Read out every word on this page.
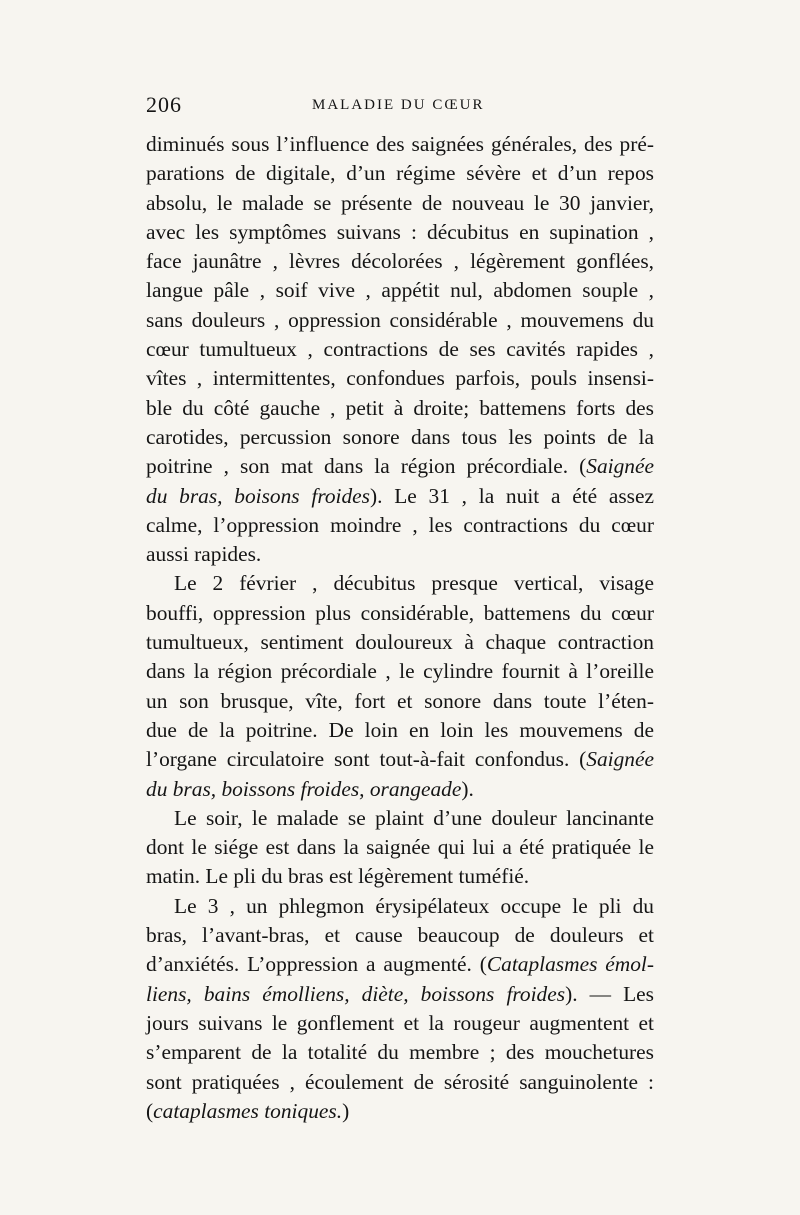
206	MALADIE DU CŒUR
diminués sous l’influence des saignées générales, des pré-
parations de digitale, d’un régime sévère et d’un repos
absolu, le malade se présente de nouveau le 30 janvier,
avec les symptômes suivans : décubitus en supination ,
face jaunâtre , lèvres décolorées , légèrement gonflées,
langue pâle , soif vive , appétit nul, abdomen souple ,
sans douleurs , oppression considérable , mouvemens du
cœur tumultueux , contractions de ses cavités rapides ,
vîtes , intermittentes, confondues parfois, pouls insensi-
ble du côté gauche , petit à droite; battemens forts des
carotides, percussion sonore dans tous les points de la
poitrine , son mat dans la région précordiale. (Saignée
du bras, boisons froides). Le 31 , la nuit a été assez
calme, l’oppression moindre , les contractions du cœur
aussi rapides.
Le 2 février , décubitus presque vertical, visage
bouffi, oppression plus considérable, battemens du cœur
tumultueux, sentiment douloureux à chaque contraction
dans la région précordiale , le cylindre fournit à l’oreille
un son brusque, vîte, fort et sonore dans toute l’éten-
due de la poitrine. De loin en loin les mouvemens de
l’organe circulatoire sont tout-à-fait confondus. (Saignée
du bras, boissons froides, orangeade).
Le soir, le malade se plaint d’une douleur lancinante
dont le siége est dans la saignée qui lui a été pratiquée le
matin. Le pli du bras est légèrement tuméfié.
Le 3 , un phlegmon érysipélateux occupe le pli du
bras, l’avant-bras, et cause beaucoup de douleurs et
d’anxiétés. L’oppression a augmenté. (Cataplasmes émol-
liens, bains émolliens, diète, boissons froides). — Les
jours suivans le gonflement et la rougeur augmentent et
s’emparent de la totalité du membre ; des mouchetures
sont pratiquées , écoulement de sérosité sanguinolente :
(cataplasmes toniques.)
